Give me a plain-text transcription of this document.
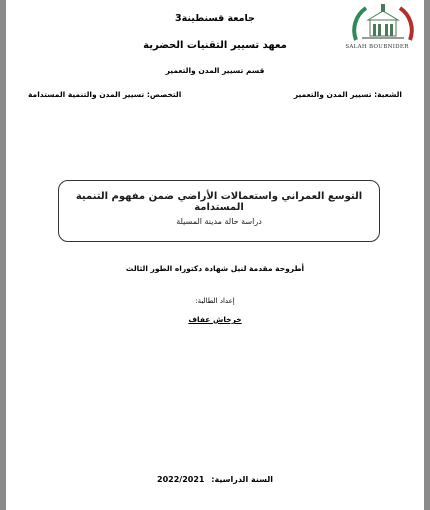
جامعة قسنطينة3
معهد تسيير التقنيات الحضرية
قسم تسيير المدن والتعمير
الشعبة: تسيير المدن والتعمير
التخصص: تسيير المدن والتنمية المستدامة
SALAH BOUBNIDER
التوسع العمراني واستعمالات الأراضي ضمن مفهوم التنمية المستدامة
دراسة حالة مدينة المسيلة
أطروحة مقدمة لنيل شهادة دكتوراه الطور الثالث
إعداد الطالبة:
خرخاش عفاف
السنة الدراسية: 2022/2021
